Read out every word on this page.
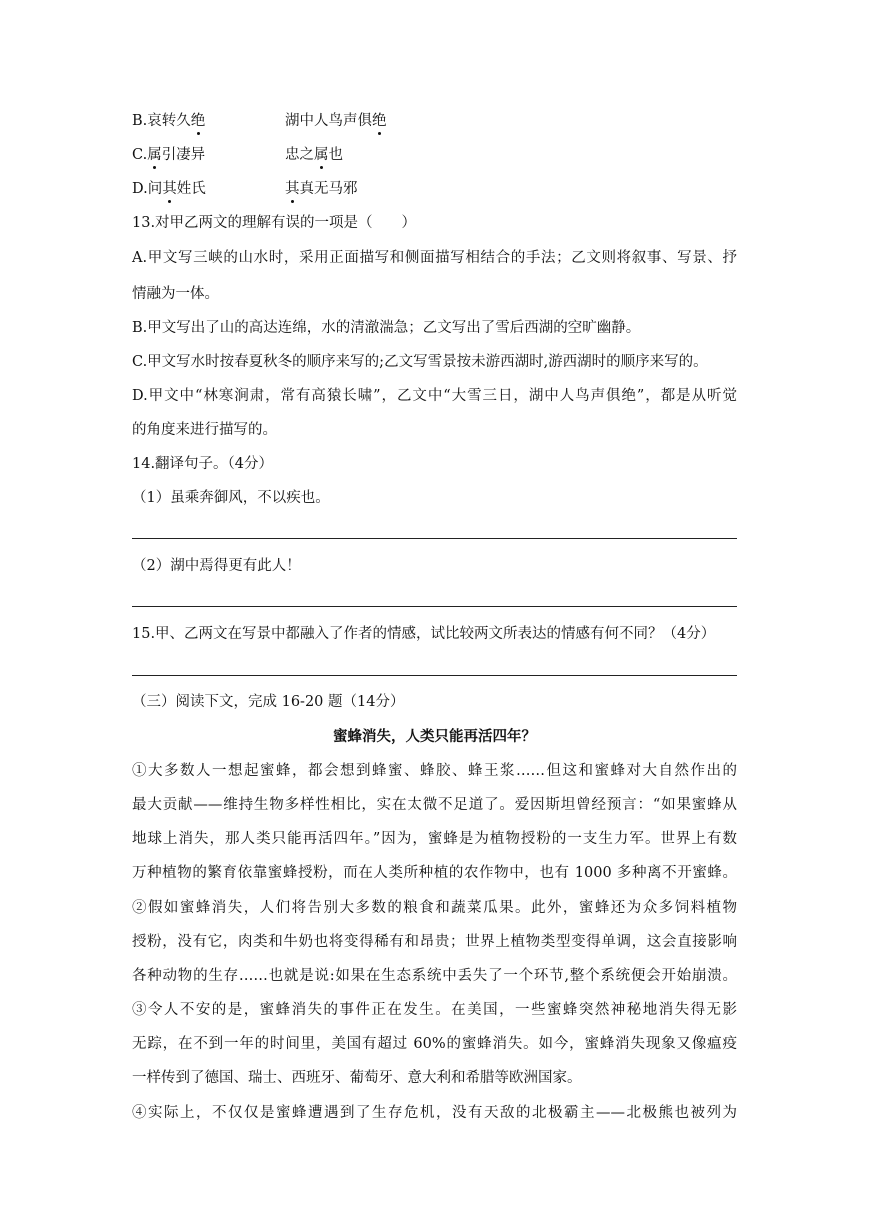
B.哀转久绝	湖中人鸟声俱绝
C.属引凄异	忠之属也
D.问其姓氏	其真无马邪
13.对甲乙两文的理解有误的一项是（　　）
A.甲文写三峡的山水时，采用正面描写和侧面描写相结合的手法；乙文则将叙事、写景、抒
情融为一体。
B.甲文写出了山的高达连绵，水的清澈湍急；乙文写出了雪后西湖的空旷幽静。
C.甲文写水时按春夏秋冬的顺序来写的;乙文写雪景按未游西湖时,游西湖时的顺序来写的。
D.甲文中“林寒涧肃，常有高猿长啸”，乙文中“大雪三日，湖中人鸟声俱绝”，都是从听觉
的角度来进行描写的。
14.翻译句子。（4分）
（1）虽乘奔御风，不以疾也。
（2）湖中焉得更有此人！
15.甲、乙两文在写景中都融入了作者的情感，试比较两文所表达的情感有何不同？（4分）
（三）阅读下文，完成 16-20 题（14分）
蜜蜂消失，人类只能再活四年？
①大多数人一想起蜜蜂，都会想到蜂蜜、蜂胶、蜂王浆……但这和蜜蜂对大自然作出的
最大贡献——维持生物多样性相比，实在太微不足道了。爱因斯坦曾经预言：“如果蜜蜂从
地球上消失，那人类只能再活四年。”因为，蜜蜂是为植物授粉的一支生力军。世界上有数
万种植物的繁育依靠蜜蜂授粉，而在人类所种植的农作物中，也有 1000 多种离不开蜜蜂。
②假如蜜蜂消失，人们将告别大多数的粮食和蔬菜瓜果。此外，蜜蜂还为众多饲料植物
授粉，没有它，肉类和牛奶也将变得稀有和昂贵；世界上植物类型变得单调，这会直接影响
各种动物的生存……也就是说:如果在生态系统中丢失了一个环节,整个系统便会开始崩溃。
③令人不安的是，蜜蜂消失的事件正在发生。在美国，一些蜜蜂突然神秘地消失得无影
无踪，在不到一年的时间里，美国有超过 60%的蜜蜂消失。如今，蜜蜂消失现象又像瘟疫
一样传到了德国、瑞士、西班牙、葡萄牙、意大利和希腊等欧洲国家。
④实际上，不仅仅是蜜蜂遭遇到了生存危机，没有天敌的北极霸主——北极熊也被列为
